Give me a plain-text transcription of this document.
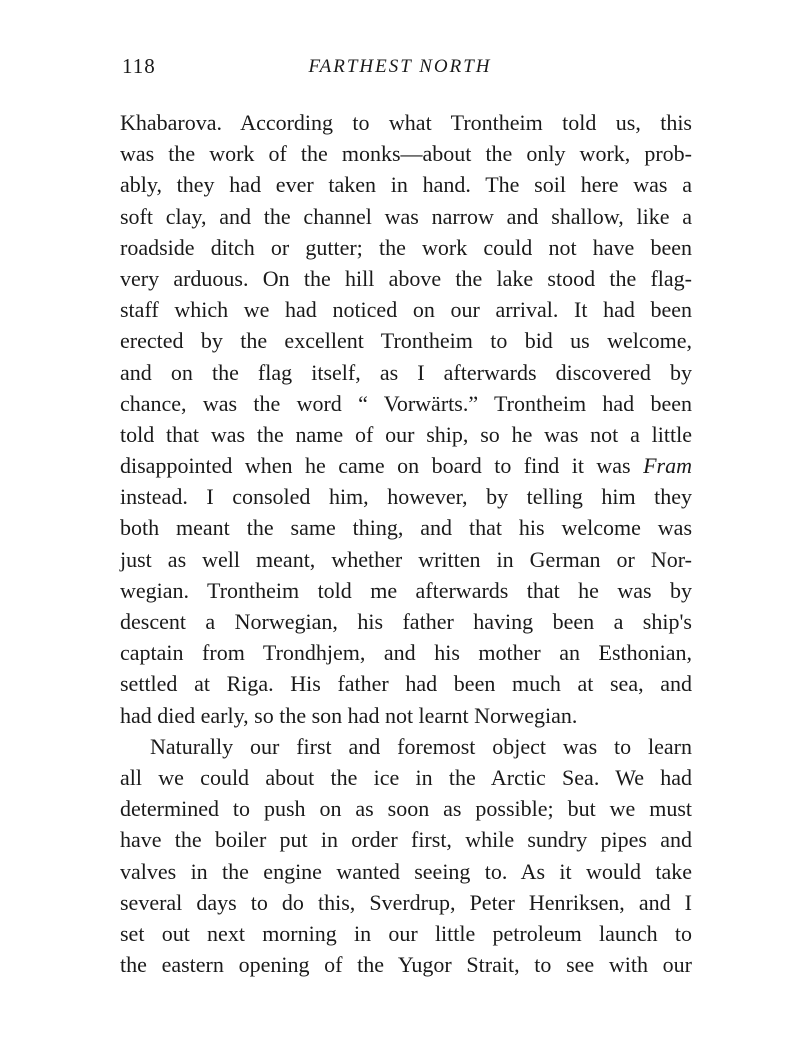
118	FARTHEST NORTH
Khabarova. According to what Trontheim told us, this
was the work of the monks—about the only work, prob-
ably, they had ever taken in hand. The soil here was a
soft clay, and the channel was narrow and shallow, like a
roadside ditch or gutter; the work could not have been
very arduous. On the hill above the lake stood the flag-
staff which we had noticed on our arrival. It had been
erected by the excellent Trontheim to bid us welcome,
and on the flag itself, as I afterwards discovered by
chance, was the word “ Vorwärts.” Trontheim had been
told that was the name of our ship, so he was not a little
disappointed when he came on board to find it was Fram
instead. I consoled him, however, by telling him they
both meant the same thing, and that his welcome was
just as well meant, whether written in German or Nor-
wegian. Trontheim told me afterwards that he was by
descent a Norwegian, his father having been a ship's
captain from Trondhjem, and his mother an Esthonian,
settled at Riga. His father had been much at sea, and
had died early, so the son had not learnt Norwegian.
Naturally our first and foremost object was to learn
all we could about the ice in the Arctic Sea. We had
determined to push on as soon as possible; but we must
have the boiler put in order first, while sundry pipes and
valves in the engine wanted seeing to. As it would take
several days to do this, Sverdrup, Peter Henriksen, and I
set out next morning in our little petroleum launch to
the eastern opening of the Yugor Strait, to see with our
